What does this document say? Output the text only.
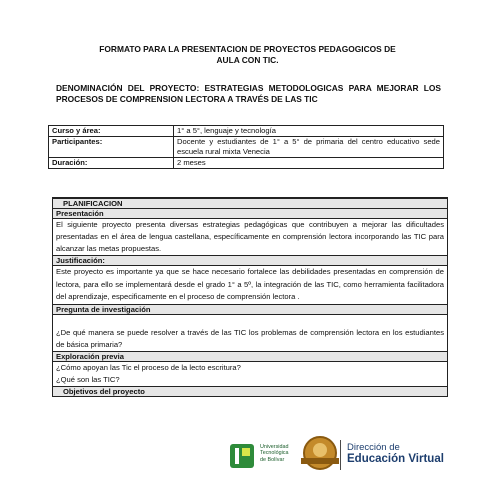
FORMATO PARA LA PRESENTACION DE PROYECTOS PEDAGOGICOS DE
AULA CON TIC.
DENOMINACIÓN DEL PROYECTO: ESTRATEGIAS METODOLOGICAS PARA MEJORAR LOS PROCESOS DE COMPRENSION LECTORA A TRAVÉS DE LAS TIC
Curso y área:	1° a 5°, lenguaje y tecnología
Participantes:	Docente y estudiantes de 1° a 5° de primaria del centro educativo sede escuela rural mixta Venecia
Duración:	2 meses
PLANIFICACION
Presentación
El siguiente proyecto presenta diversas estrategias pedagógicas que contribuyen a mejorar las dificultades presentadas en el área de lengua castellana, específicamente en comprensión lectora incorporando las TIC para alcanzar las metas propuestas.
Justificación:
Este proyecto es importante ya que se hace necesario fortalece las debilidades presentadas en comprensión de lectora, para ello se implementará desde el grado 1° a 5º, la integración de las TIC, como herramienta facilitadora del aprendizaje, especificamente en el proceso de comprensión lectora .
Pregunta de investigación
¿De qué manera se puede resolver a través de las TIC los problemas de comprensión lectora en los estudiantes de básica primaria?
Exploración previa

¿Cómo apoyan las Tic el proceso de la lecto escritura?

¿Qué son las TIC?

Objetivos del proyecto
Universidad
Tecnológica
de Bolívar
Dirección de
Educación Virtual
